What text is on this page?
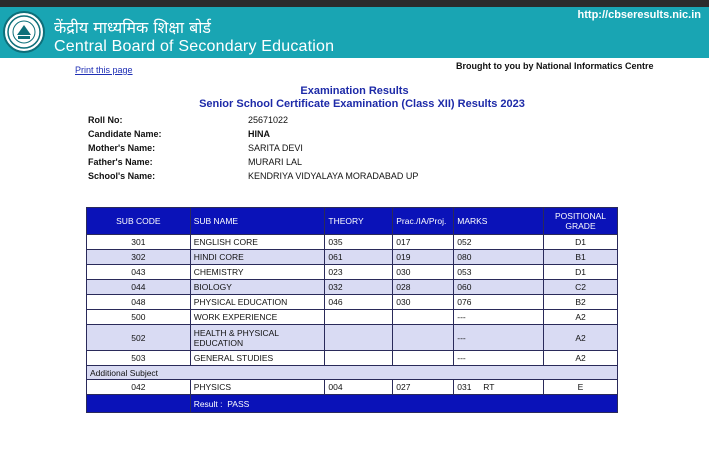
केंद्रीय माध्यमिक शिक्षा बोर्ड
Central Board of Secondary Education
http://cbseresults.nic.in
Print this page	Brought to you by National Informatics Centre
Examination Results
Senior School Certificate Examination (Class XII) Results 2023
Roll No:	25671022
Candidate Name:	HINA
Mother's Name:	SARITA DEVI
Father's Name:	MURARI LAL
School's Name:	KENDRIYA VIDYALAYA MORADABAD UP
SUB CODE	SUB NAME	THEORY	Prac./IA/Proj.	MARKS	POSITIONAL
GRADE
301	ENGLISH CORE	035	017	052	D1
302	HINDI CORE	061	019	080	B1
043	CHEMISTRY	023	030	053	D1
044	BIOLOGY	032	028	060	C2
048	PHYSICAL EDUCATION	046	030	076	B2
500	WORK EXPERIENCE			---	A2
502	HEALTH & PHYSICAL EDUCATION			---	A2
503	GENERAL STUDIES			---	A2
Additional Subject					
042	PHYSICS	004	027	031 RT	E
	Result : PASS				
